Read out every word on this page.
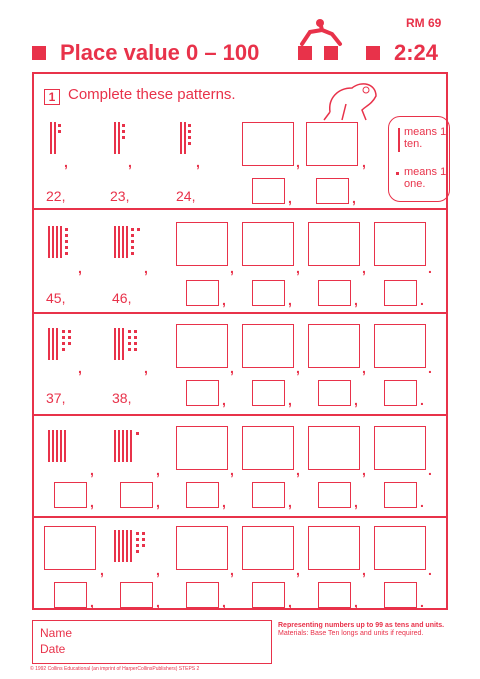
RM 69
Place value 0 – 100	2:24
1 Complete these patterns.
means 1 ten.
means 1 one.
,	,	,	,	,
22,	23,	24,	,	,
,	,	,	,	,	.
45,	46,	,	,	,	.
,	,	,	,	,	.
37,	38,	,	,	,	.
,	,	,	,	,	.
,	,	,	,	,	.
,	,	,	,	,	.
,	,	,	,	,	.
Name
Date
Representing numbers up to 99 as tens and units.
Materials: Base Ten longs and units if required.
© 1992 Collins Educational (an imprint of HarperCollinsPublishers) STEPS 2
